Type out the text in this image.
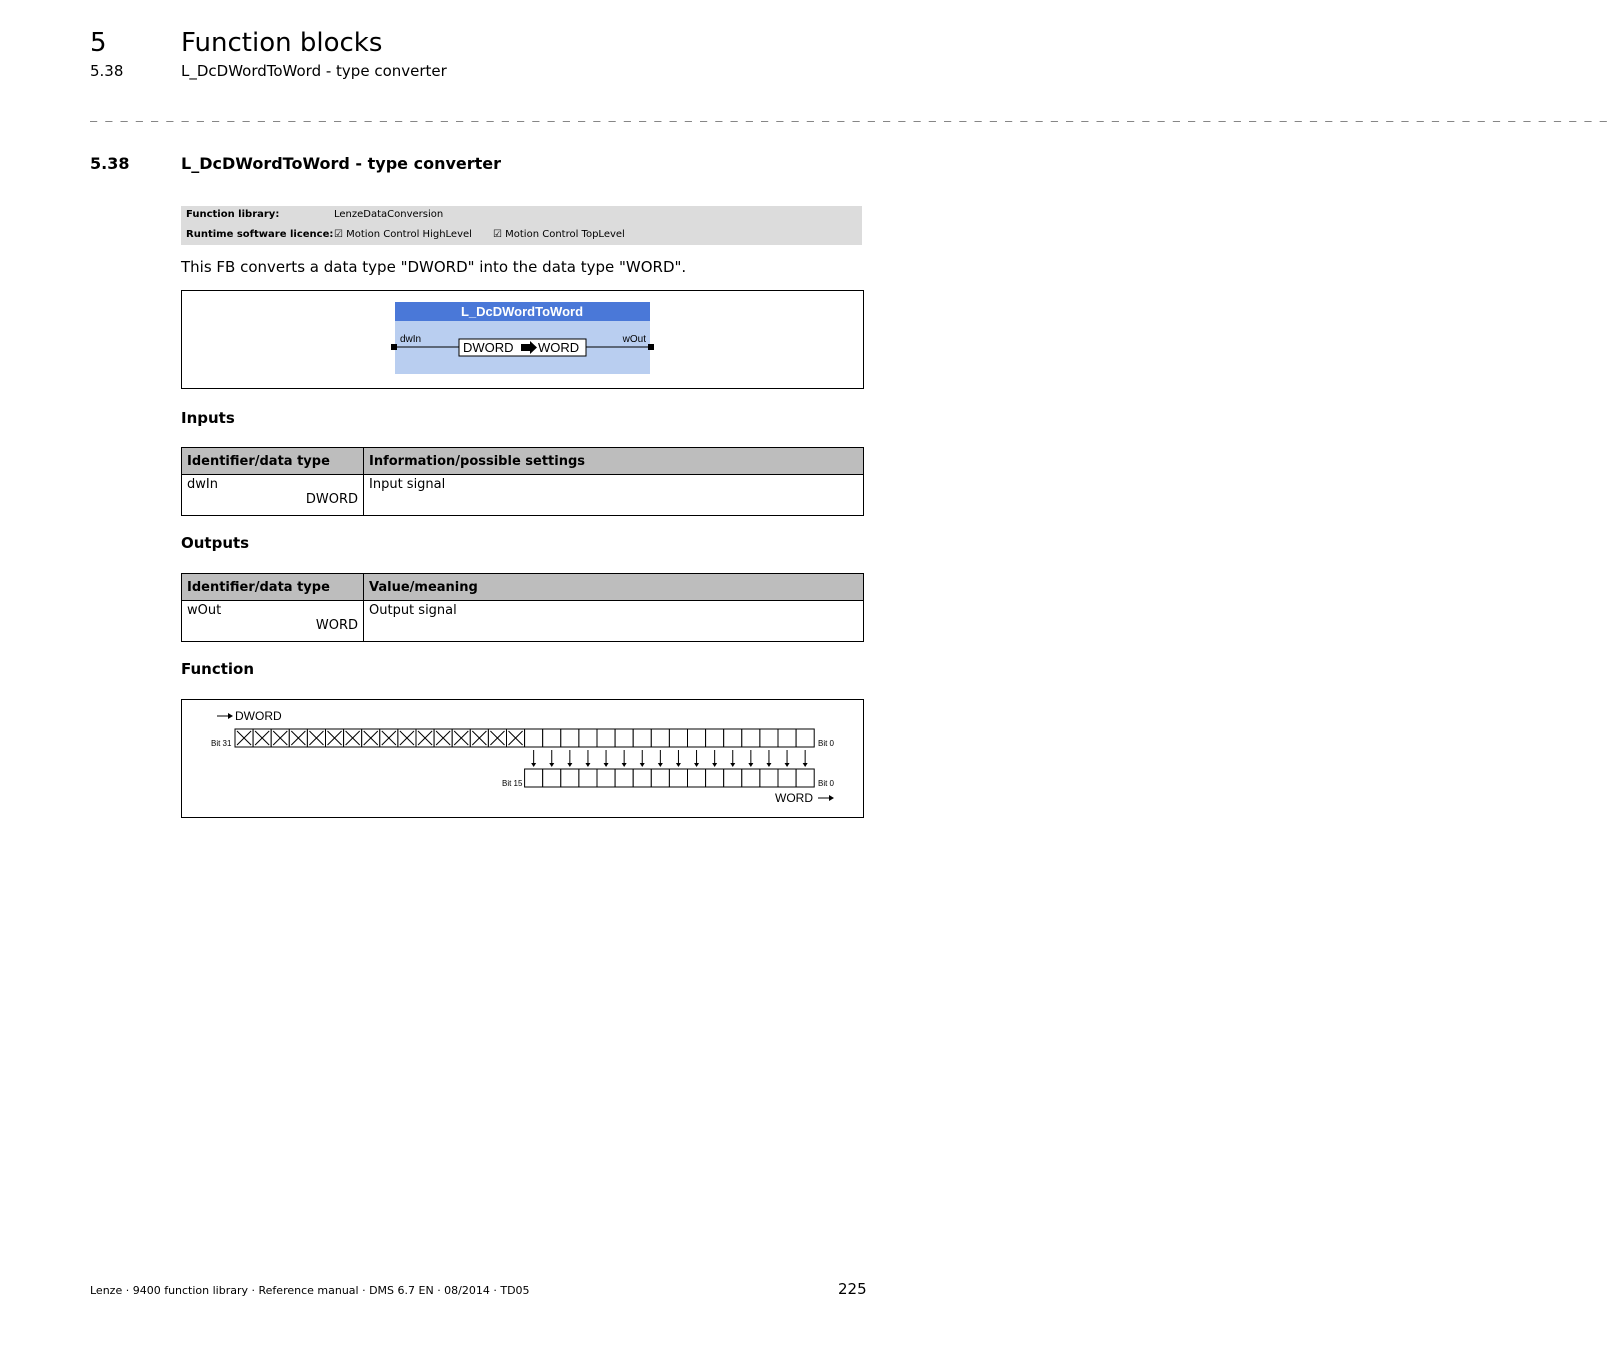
5	Function blocks
5.38	L_DcDWordToWord - type converter
_ _ _ _ _ _ _ _ _ _ _ _ _ _ _ _ _ _ _ _ _ _ _ _ _ _ _ _ _ _ _ _ _ _ _ _ _ _ _ _ _ _ _ _ _ _ _ _ _ _ _ _ _ _ _ _ _ _ _ _ _ _ _ _ _ _ _ _ _ _ _ _ _ _ _ _ _ _ _ _ _ _ _ _ _ _ _ _ _ _ _ _ _ _ _ _ _ _ _ _
5.38	L_DcDWordToWord - type converter
Function library:	LenzeDataConversion
Runtime software licence: ☑ Motion Control HighLevel ☑ Motion Control TopLevel
This FB converts a data type "DWORD" into the data type "WORD".
L_DcDWordToWord
dwIn	wOut
DWORD WORD
Inputs
Identifier/data type	Information/possible settings
dwIn
DWORD	Input signal
Outputs
Identifier/data type	Value/meaning
wOut
WORD	Output signal
Function
DWORD
Bit 31	Bit 0
Bit 15	Bit 0
WORD
Lenze · 9400 function library · Reference manual · DMS 6.7 EN · 08/2014 · TD05	225
